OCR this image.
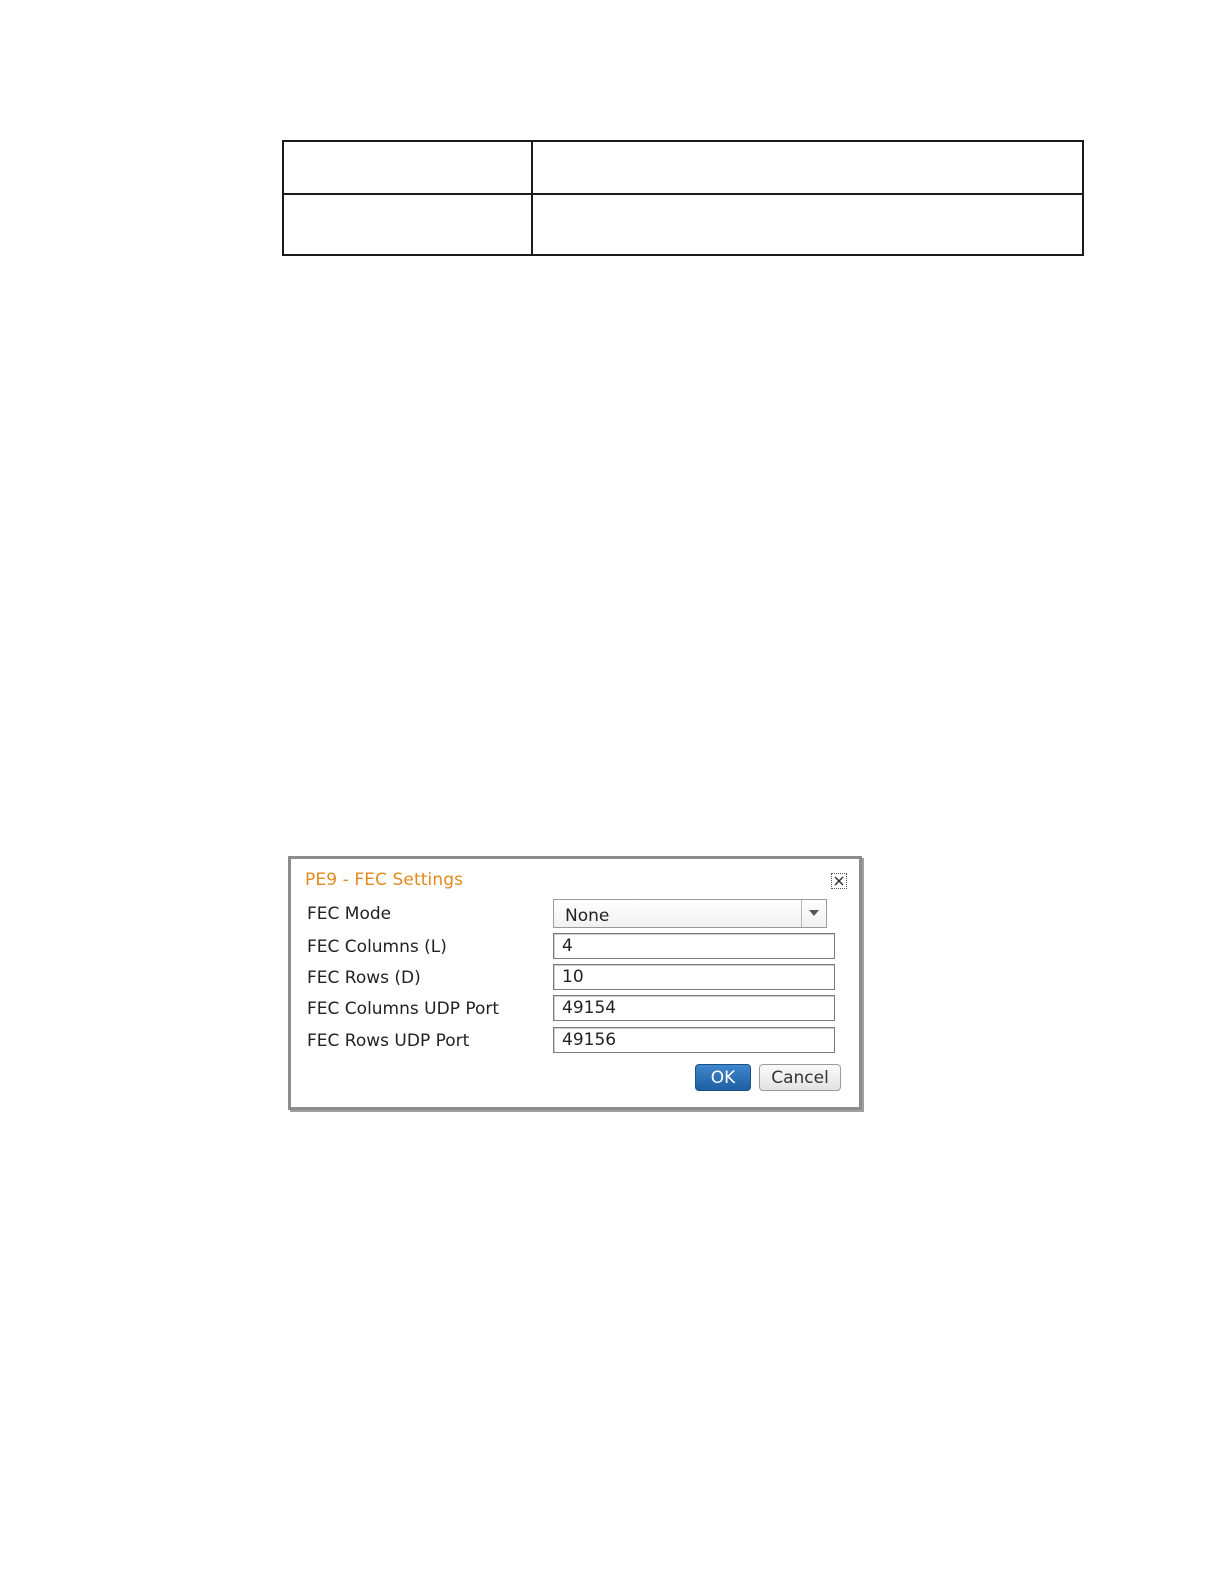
PE9 - FEC Settings
FEC Mode	None
FEC Columns (L)	4
FEC Rows (D)	10
FEC Columns UDP Port	49154
FEC Rows UDP Port	49156
OK	Cancel
